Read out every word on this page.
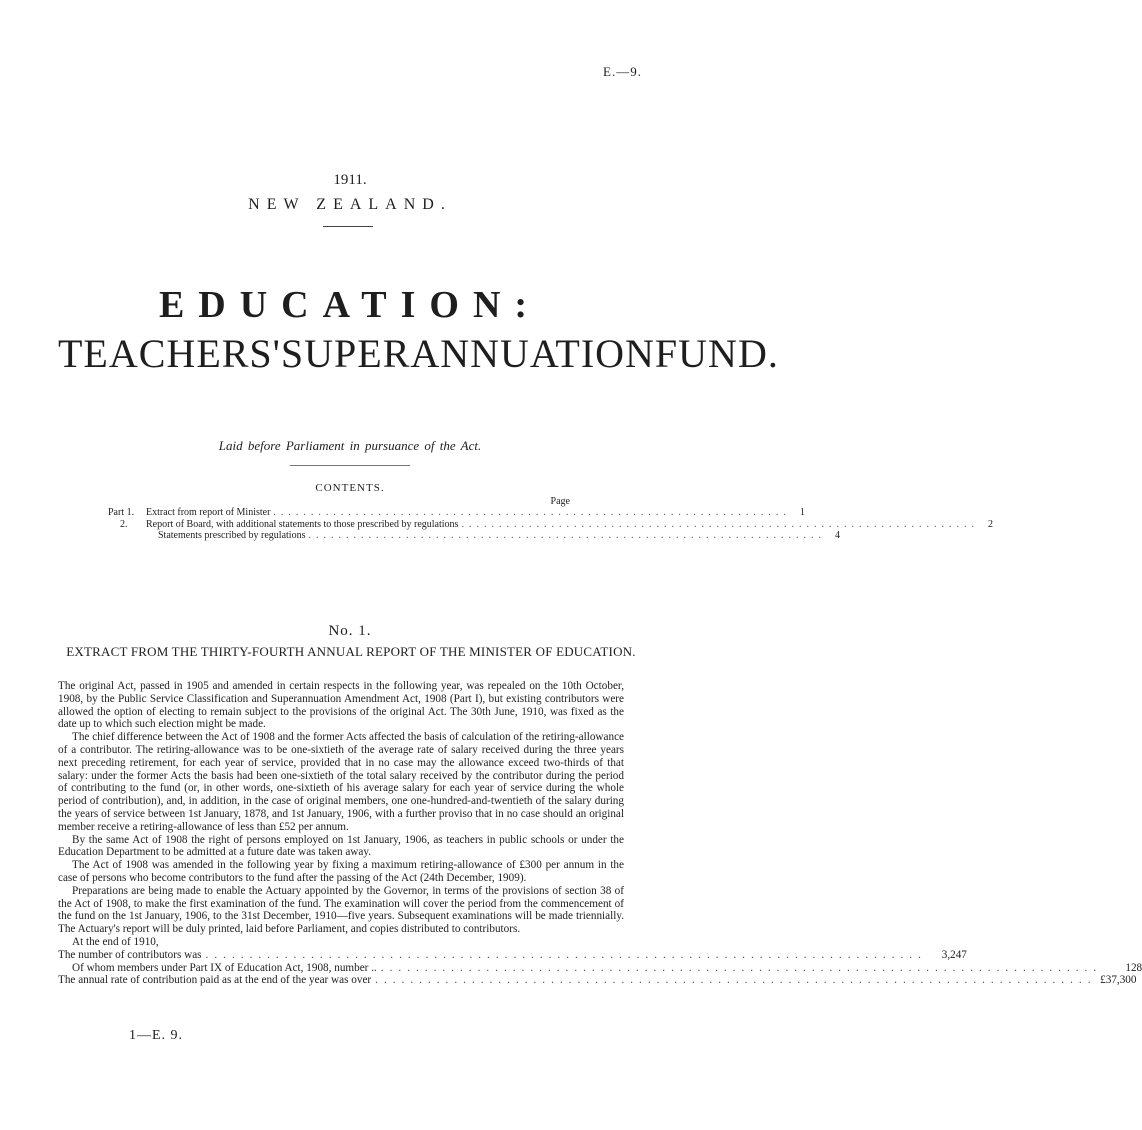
E.—9.
1911.
NEW ZEALAND.
EDUCATION:
TEACHERS' SUPERANNUATION FUND.
Laid before Parliament in pursuance of the Act.
CONTENTS.
Page
Part 1.	Extract from report of Minister ..................................................................... 1
2.	Report of Board, with additional statements to those prescribed by regulations ..................................................................... 2
Statements prescribed by regulations ..................................................................... 4
No. 1.
EXTRACT FROM THE THIRTY-FOURTH ANNUAL REPORT OF THE MINISTER OF EDUCATION.

The original Act, passed in 1905 and amended in certain respects in the following year, was repealed on the 10th October, 1908, by the Public Service Classification and Superannuation Amendment Act, 1908 (Part I), but existing contributors were allowed the option of electing to remain subject to the provisions of the original Act. The 30th June, 1910, was fixed as the date up to which such election might be made.

The chief difference between the Act of 1908 and the former Acts affected the basis of calculation of the retiring-allowance of a contributor. The retiring-allowance was to be one-sixtieth of the average rate of salary received during the three years next preceding retirement, for each year of service, provided that in no case may the allowance exceed two-thirds of that salary: under the former Acts the basis had been one-sixtieth of the total salary received by the contributor during the period of contributing to the fund (or, in other words, one-sixtieth of his average salary for each year of service during the whole period of contribution), and, in addition, in the case of original members, one one-hundred-and-twentieth of the salary during the years of service between 1st January, 1878, and 1st January, 1906, with a further proviso that in no case should an original member receive a retiring-allowance of less than £52 per annum.

By the same Act of 1908 the right of persons employed on 1st January, 1906, as teachers in public schools or under the Education Department to be admitted at a future date was taken away.

The Act of 1908 was amended in the following year by fixing a maximum retiring-allowance of £300 per annum in the case of persons who become contributors to the fund after the passing of the Act (24th December, 1909).

Preparations are being made to enable the Actuary appointed by the Governor, in terms of the provisions of section 38 of the Act of 1908, to make the first examination of the fund. The examination will cover the period from the commencement of the fund on the 1st January, 1906, to the 31st December, 1910—five years. Subsequent examinations will be made triennially. The Actuary's report will be duly printed, laid before Parliament, and copies distributed to contributors.

At the end of 1910,

The number of contributors was ..................................................................................	3,247
Of whom members under Part IX of Education Act, 1908, number .. ..................................................................................	128
The annual rate of contribution paid as at the end of the year was over .................................................................................. £37,300
1—E. 9.
